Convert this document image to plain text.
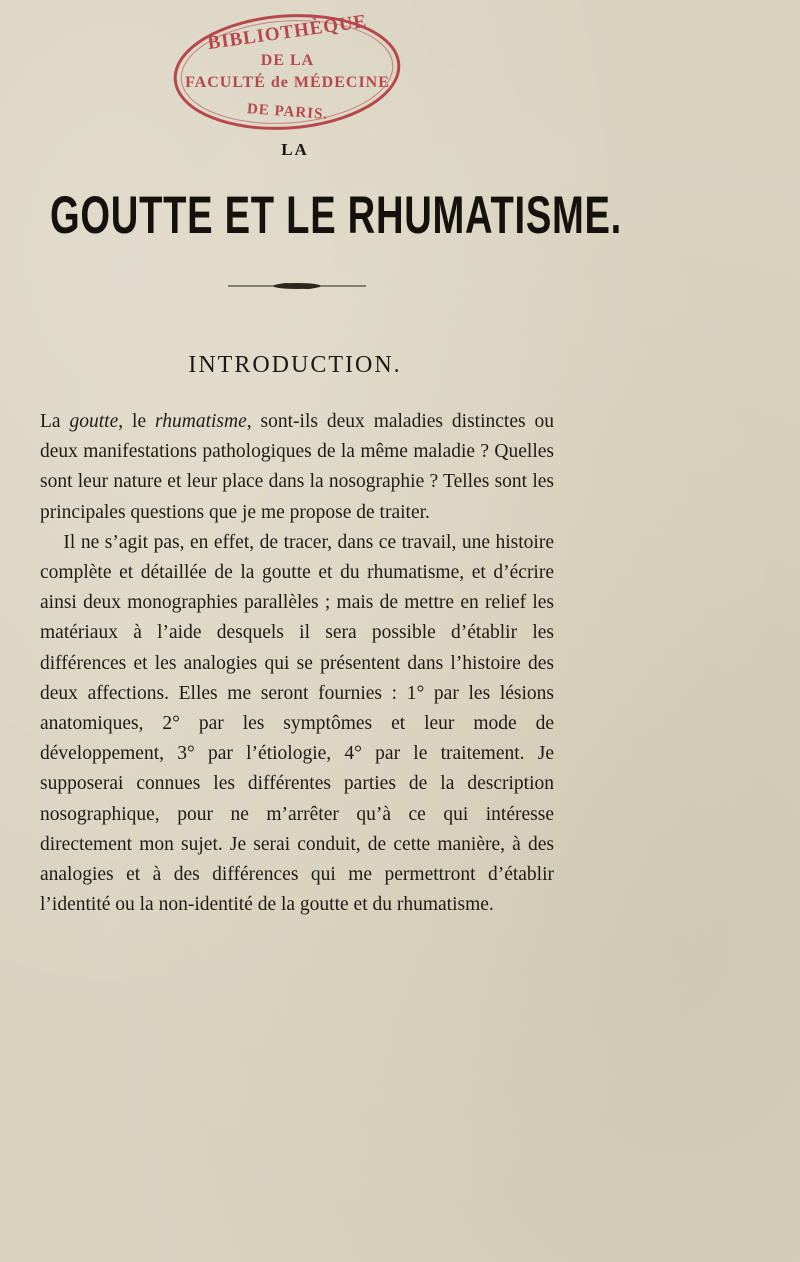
BIBLIOTHÈQUE
DE LA
FACULTÉ de MÉDECINE
DE PARIS.
LA
GOUTTE ET LE RHUMATISME.
INTRODUCTION.

La goutte, le rhumatisme, sont-ils deux maladies distinctes ou deux manifestations pathologiques de la même maladie ? Quelles sont leur nature et leur place dans la nosographie ? Telles sont les principales questions que je me propose de traiter.

Il ne s’agit pas, en effet, de tracer, dans ce travail, une histoire complète et détaillée de la goutte et du rhumatisme, et d’écrire ainsi deux monographies parallèles ; mais de mettre en relief les matériaux à l’aide desquels il sera possible d’établir les différences et les analogies qui se présentent dans l’histoire des deux affections. Elles me seront fournies : 1° par les lésions anatomiques, 2° par les symptômes et leur mode de développement, 3° par l’étiologie, 4° par le traitement. Je supposerai connues les différentes parties de la description nosographique, pour ne m’arrêter qu’à ce qui intéresse directement mon sujet. Je serai conduit, de cette manière, à des analogies et à des différences qui me permettront d’établir l’identité ou la non-identité de la goutte et du rhumatisme.
